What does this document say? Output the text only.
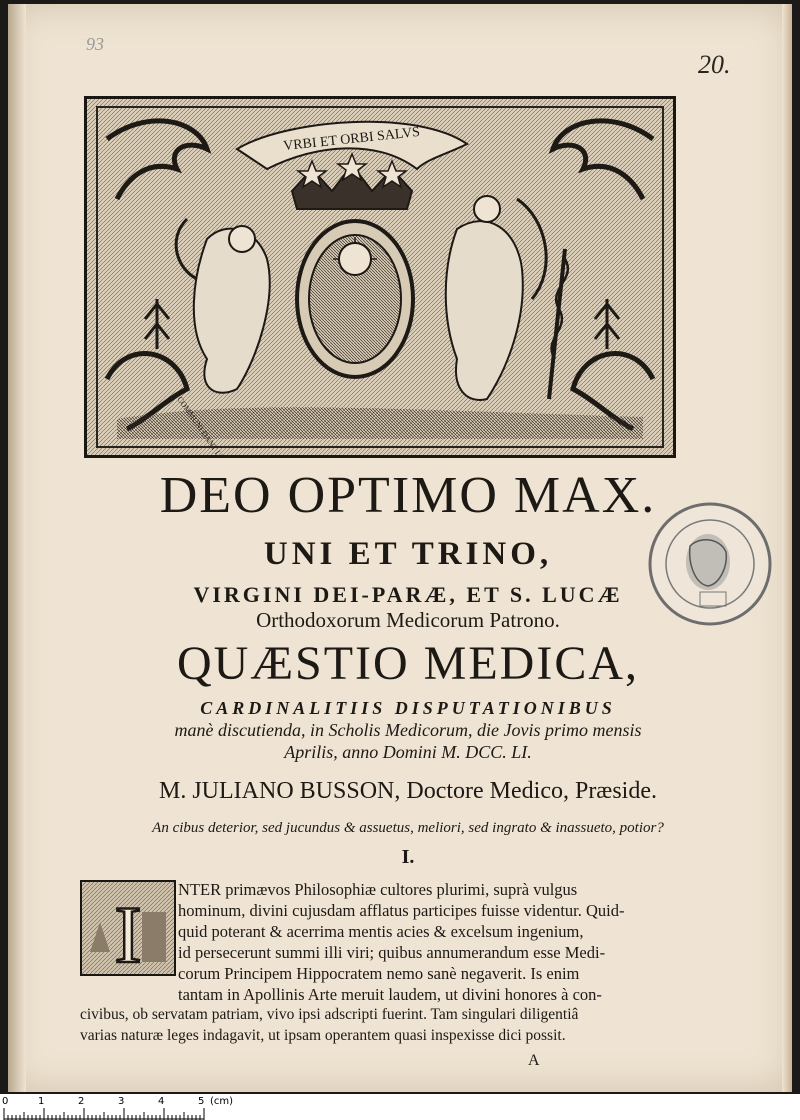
93
20.
VRBI ET ORBI SALVS
DEO OPTIMO MAX.
UNI ET TRINO,
VIRGINI DEI-PARÆ, ET S. LUCÆ
Orthodoxorum Medicorum Patrono.
QUÆSTIO MEDICA,
CARDINALITIIS DISPUTATIONIBUS
manè discutienda, in Scholis Medicorum, die Jovis primo mensis
Aprilis, anno Domini M. DCC. LI.
M. JULIANO BUSSON, Doctore Medico, Præside.
An cibus deterior, sed jucundus & assuetus, meliori, sed ingrato & inassueto, potior?
I.
I NTER primævos Philosophiæ cultores plurimi, suprà vulgus
hominum, divini cujusdam afflatus participes fuisse videntur. Quid-
quid poterant & acerrima mentis acies & excelsum ingenium,
id persecerunt summi illi viri; quibus annumerandum esse Medi-
corum Principem Hippocratem nemo sanè negaverit. Is enim
tantam in Apollinis Arte meruit laudem, ut divini honores à con-
civibus, ob servatam patriam, vivo ipsi adscripti fuerint. Tam singulari diligentiâ
varias naturæ leges indagavit, ut ipsam operantem quasi inspexisse dici possit.
A
0	1	2	3	4	5 (cm)
